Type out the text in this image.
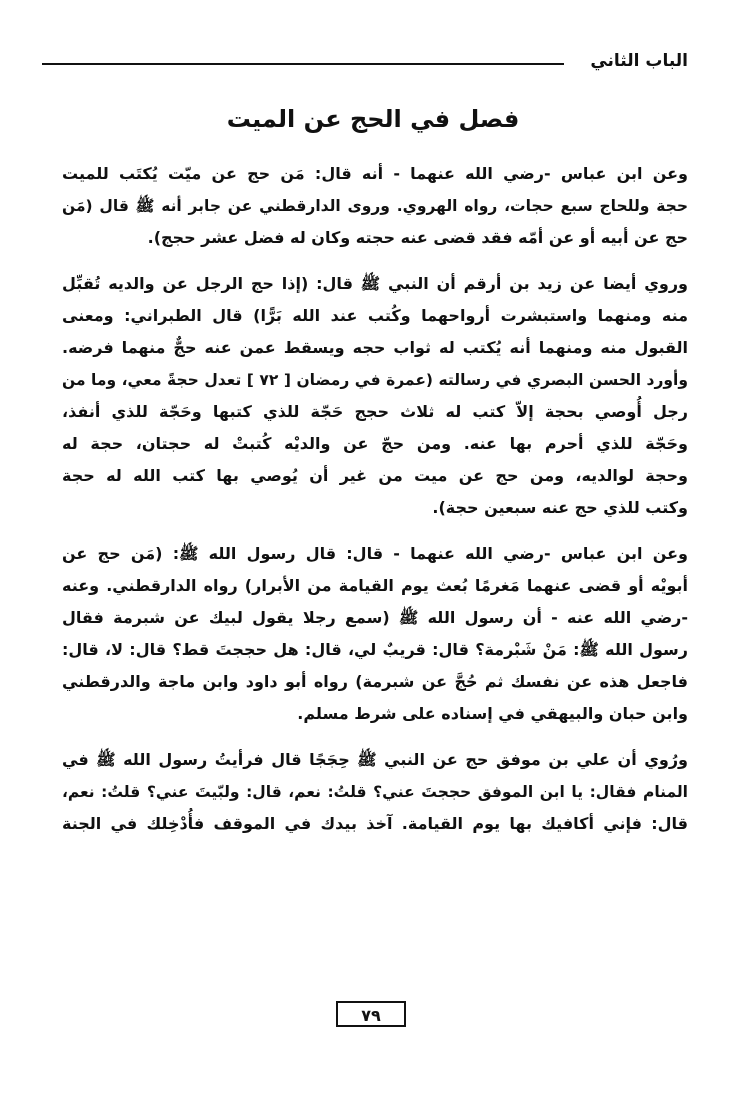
الباب الثاني
فصل في الحج عن الميت
وعن ابن عباس -رضي الله عنهما - أنه قال: مَن حج عن ميّت يُكتَب للميت
حجة وللحاج سبع حجات، رواه الهروي. وروى الدارقطني عن جابر أنه ﷺ قال (مَن
حج عن أبيه أو عن أمّه فقد قضى عنه حجته وكان له فضل عشر حجج).
وروي أيضا عن زيد بن أرقم أن النبي ﷺ قال: (إذا حج الرجل عن والديه تُقبِّل
منه ومنهما واستبشرت أرواحهما وكُتب عند الله بَرًّا) قال الطبراني: ومعنى
القبول منه ومنهما أنه يُكتب له ثواب حجه ويسقط عمن عنه حجٌّ منهما فرضه.
وأورد الحسن البصري في رسالته (عمرة في رمضان [ ٧٢ ] تعدل حجةً معي، وما من
رجل أُوصي بحجة إلاّ كتب له ثلاث حجج حَجّة للذي كتبها وحَجّة للذي أنفذ،
وحَجّة للذي أحرم بها عنه. ومن حجّ عن والديْه كُتبتْ له حجتان، حجة له
وحجة لوالديه، ومن حج عن ميت من غير أن يُوصي بها كتب الله له حجة
وكتب للذي حج عنه سبعين حجة).
وعن ابن عباس -رضي الله عنهما - قال: قال رسول الله ﷺ: (مَن حج عن
أبويْه أو قضى عنهما مَغرمًا بُعث يوم القيامة من الأبرار) رواه الدارقطني. وعنه
-رضي الله عنه - أن رسول الله ﷺ (سمع رجلا يقول لبيك عن شبرمة فقال
رسول الله ﷺ: مَنْ شَبْرمة؟ قال: قريبٌ لي، قال: هل حججتَ قط؟ قال: لا، قال:
فاجعل هذه عن نفسك ثم حُجَّ عن شبرمة) رواه أبو داود وابن ماجة والدرقطني
وابن حبان والبيهقي في إسناده على شرط مسلم.
ورُوي أن علي بن موفق حج عن النبي ﷺ حِجَجًا قال فرأيتُ رسول الله ﷺ في
المنام فقال: يا ابن الموفق حججتَ عني؟ قلتُ: نعم، قال: ولبّيتَ عني؟ قلتُ: نعم،
قال: فإني أكافيك بها يوم القيامة. آخذ بيدك في الموقف فأُدْخِلك في الجنة
٧٩
